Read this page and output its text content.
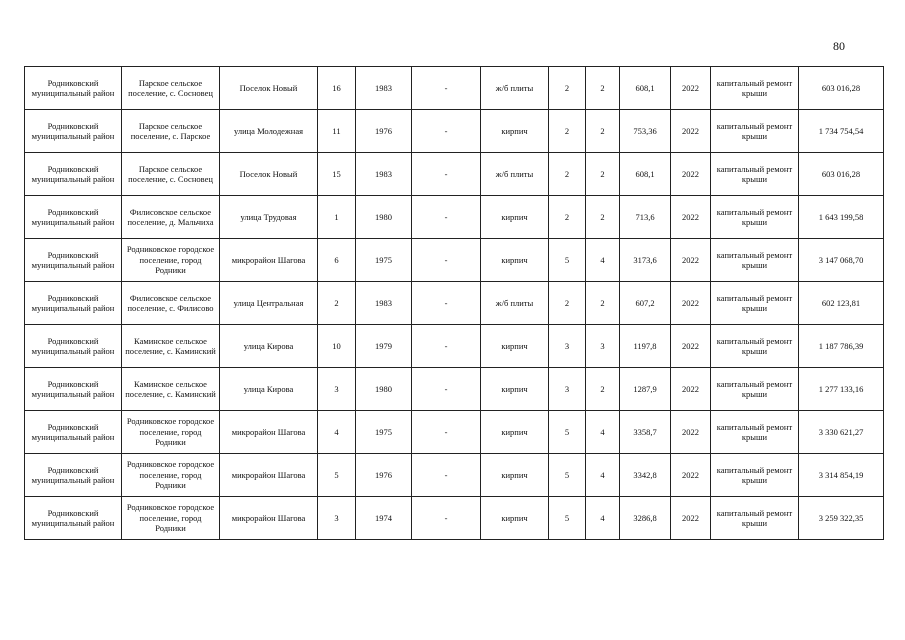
80
Родниковский муниципальный район	Парское сельское поселение, с. Сосновец	Поселок Новый	16	1983	-	ж/б плиты	2	2	608,1	2022	капитальный ремонт крыши	603 016,28
Родниковский муниципальный район	Парское сельское поселение, с. Парское	улица Молодежная	11	1976	-	кирпич	2	2	753,36	2022	капитальный ремонт крыши	1 734 754,54
Родниковский муниципальный район	Парское сельское поселение, с. Сосновец	Поселок Новый	15	1983	-	ж/б плиты	2	2	608,1	2022	капитальный ремонт крыши	603 016,28
Родниковский муниципальный район	Филисовское сельское поселение, д. Мальчиха	улица Трудовая	1	1980	-	кирпич	2	2	713,6	2022	капитальный ремонт крыши	1 643 199,58
Родниковский муниципальный район	Родниковское городское поселение, город Родники	микрорайон Шагова	6	1975	-	кирпич	5	4	3173,6	2022	капитальный ремонт крыши	3 147 068,70
Родниковский муниципальный район	Филисовское сельское поселение, с. Филисово	улица Центральная	2	1983	-	ж/б плиты	2	2	607,2	2022	капитальный ремонт крыши	602 123,81
Родниковский муниципальный район	Каминское сельское поселение, с. Каминский	улица Кирова	10	1979	-	кирпич	3	3	1197,8	2022	капитальный ремонт крыши	1 187 786,39
Родниковский муниципальный район	Каминское сельское поселение, с. Каминский	улица Кирова	3	1980	-	кирпич	3	2	1287,9	2022	капитальный ремонт крыши	1 277 133,16
Родниковский муниципальный район	Родниковское городское поселение, город Родники	микрорайон Шагова	4	1975	-	кирпич	5	4	3358,7	2022	капитальный ремонт крыши	3 330 621,27
Родниковский муниципальный район	Родниковское городское поселение, город Родники	микрорайон Шагова	5	1976	-	кирпич	5	4	3342,8	2022	капитальный ремонт крыши	3 314 854,19
Родниковский муниципальный район	Родниковское городское поселение, город Родники	микрорайон Шагова	3	1974	-	кирпич	5	4	3286,8	2022	капитальный ремонт крыши	3 259 322,35
